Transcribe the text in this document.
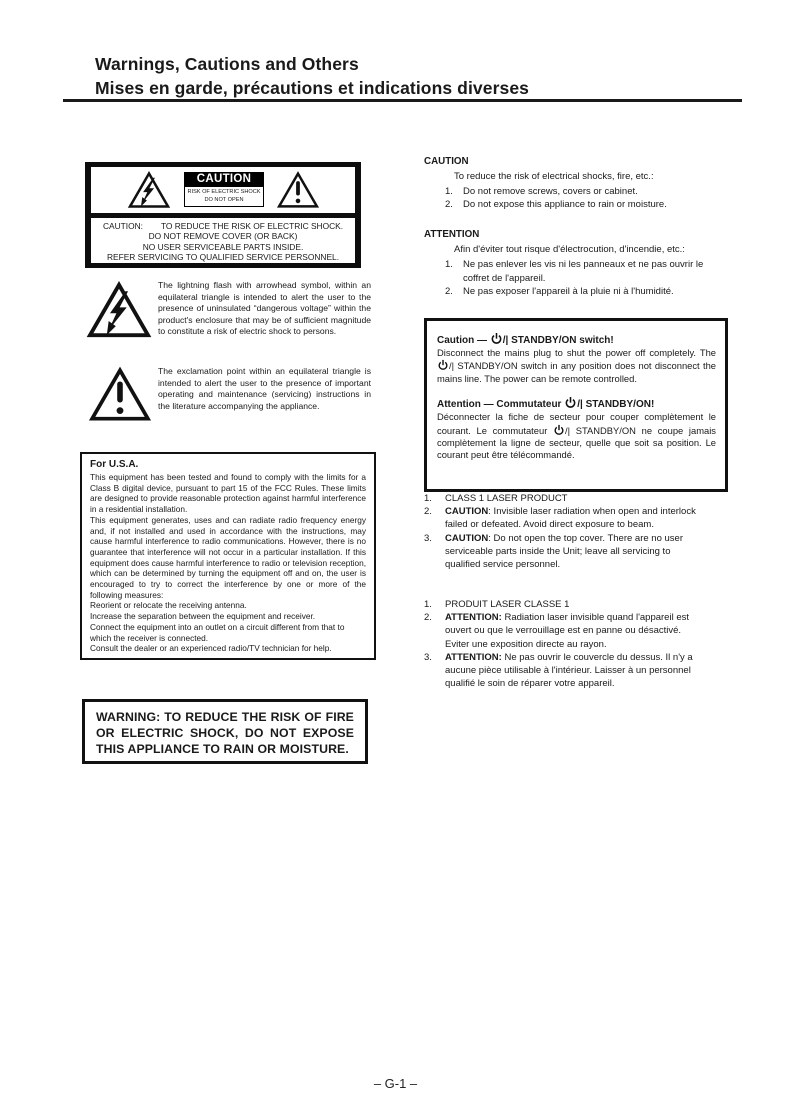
Warnings, Cautions and Others
Mises en garde, précautions et indications diverses
CAUTION
RISK OF ELECTRIC SHOCK
DO NOT OPEN
CAUTION: TO REDUCE THE RISK OF ELECTRIC SHOCK.
DO NOT REMOVE COVER (OR BACK)
NO USER SERVICEABLE PARTS INSIDE.
REFER SERVICING TO QUALIFIED SERVICE PERSONNEL.
The lightning flash with arrowhead symbol, within an equilateral triangle is intended to alert the user to the presence of uninsulated “dangerous voltage” within the product's enclosure that may be of sufficient magnitude to constitute a risk of electric shock to persons.
The exclamation point within an equilateral triangle is intended to alert the user to the presence of important operating and maintenance (servicing) instructions in the literature accompanying the appliance.
For U.S.A.

This equipment has been tested and found to comply with the limits for a Class B digital device, pursuant to part 15 of the FCC Rules. These limits are designed to provide reasonable protection against harmful interference in a residential installation.

This equipment generates, uses and can radiate radio frequency energy and, if not installed and used in accordance with the instructions, may cause harmful interference to radio communications. However, there is no guarantee that interference will not occur in a particular installation. If this equipment does cause harmful interference to radio or television reception, which can be determined by turning the equipment off and on, the user is encouraged to try to correct the interference by one or more of the following measures:

Reorient or relocate the receiving antenna.
Increase the separation between the equipment and receiver.
Connect the equipment into an outlet on a circuit different from that to which the receiver is connected.
Consult the dealer or an experienced radio/TV technician for help.
WARNING: TO REDUCE THE RISK OF FIRE OR ELECTRIC SHOCK, DO NOT EXPOSE THIS APPLIANCE TO RAIN OR MOISTURE.
CAUTION
To reduce the risk of electrical shocks, fire, etc.:
1.	Do not remove screws, covers or cabinet.
2.	Do not expose this appliance to rain or moisture.
ATTENTION
Afin d'éviter tout risque d'électrocution, d'incendie, etc.:
1.	Ne pas enlever les vis ni les panneaux et ne pas ouvrir le coffret de l'appareil.
2.	Ne pas exposer l'appareil à la pluie ni à l'humidité.
Caution — /| STANDBY/ON switch!

Disconnect the mains plug to shut the power off completely. The /| STANDBY/ON switch in any position does not disconnect the mains line. The power can be remote controlled.

Attention — Commutateur /| STANDBY/ON!

Déconnecter la fiche de secteur pour couper complètement le courant. Le commutateur /| STANDBY/ON ne coupe jamais complètement la ligne de secteur, quelle que soit sa position. Le courant peut être télécommandé.

1.	CLASS 1 LASER PRODUCT
2.	CAUTION: Invisible laser radiation when open and interlock failed or defeated. Avoid direct exposure to beam.
3.	CAUTION: Do not open the top cover. There are no user serviceable parts inside the Unit; leave all servicing to qualified service personnel.
1.	PRODUIT LASER CLASSE 1
2.	ATTENTION: Radiation laser invisible quand l'appareil est ouvert ou que le verrouillage est en panne ou désactivé. Eviter une exposition directe au rayon.
3.	ATTENTION: Ne pas ouvrir le couvercle du dessus. Il n'y a aucune pièce utilisable à l'intérieur. Laisser à un personnel qualifié le soin de réparer votre appareil.
– G-1 –
